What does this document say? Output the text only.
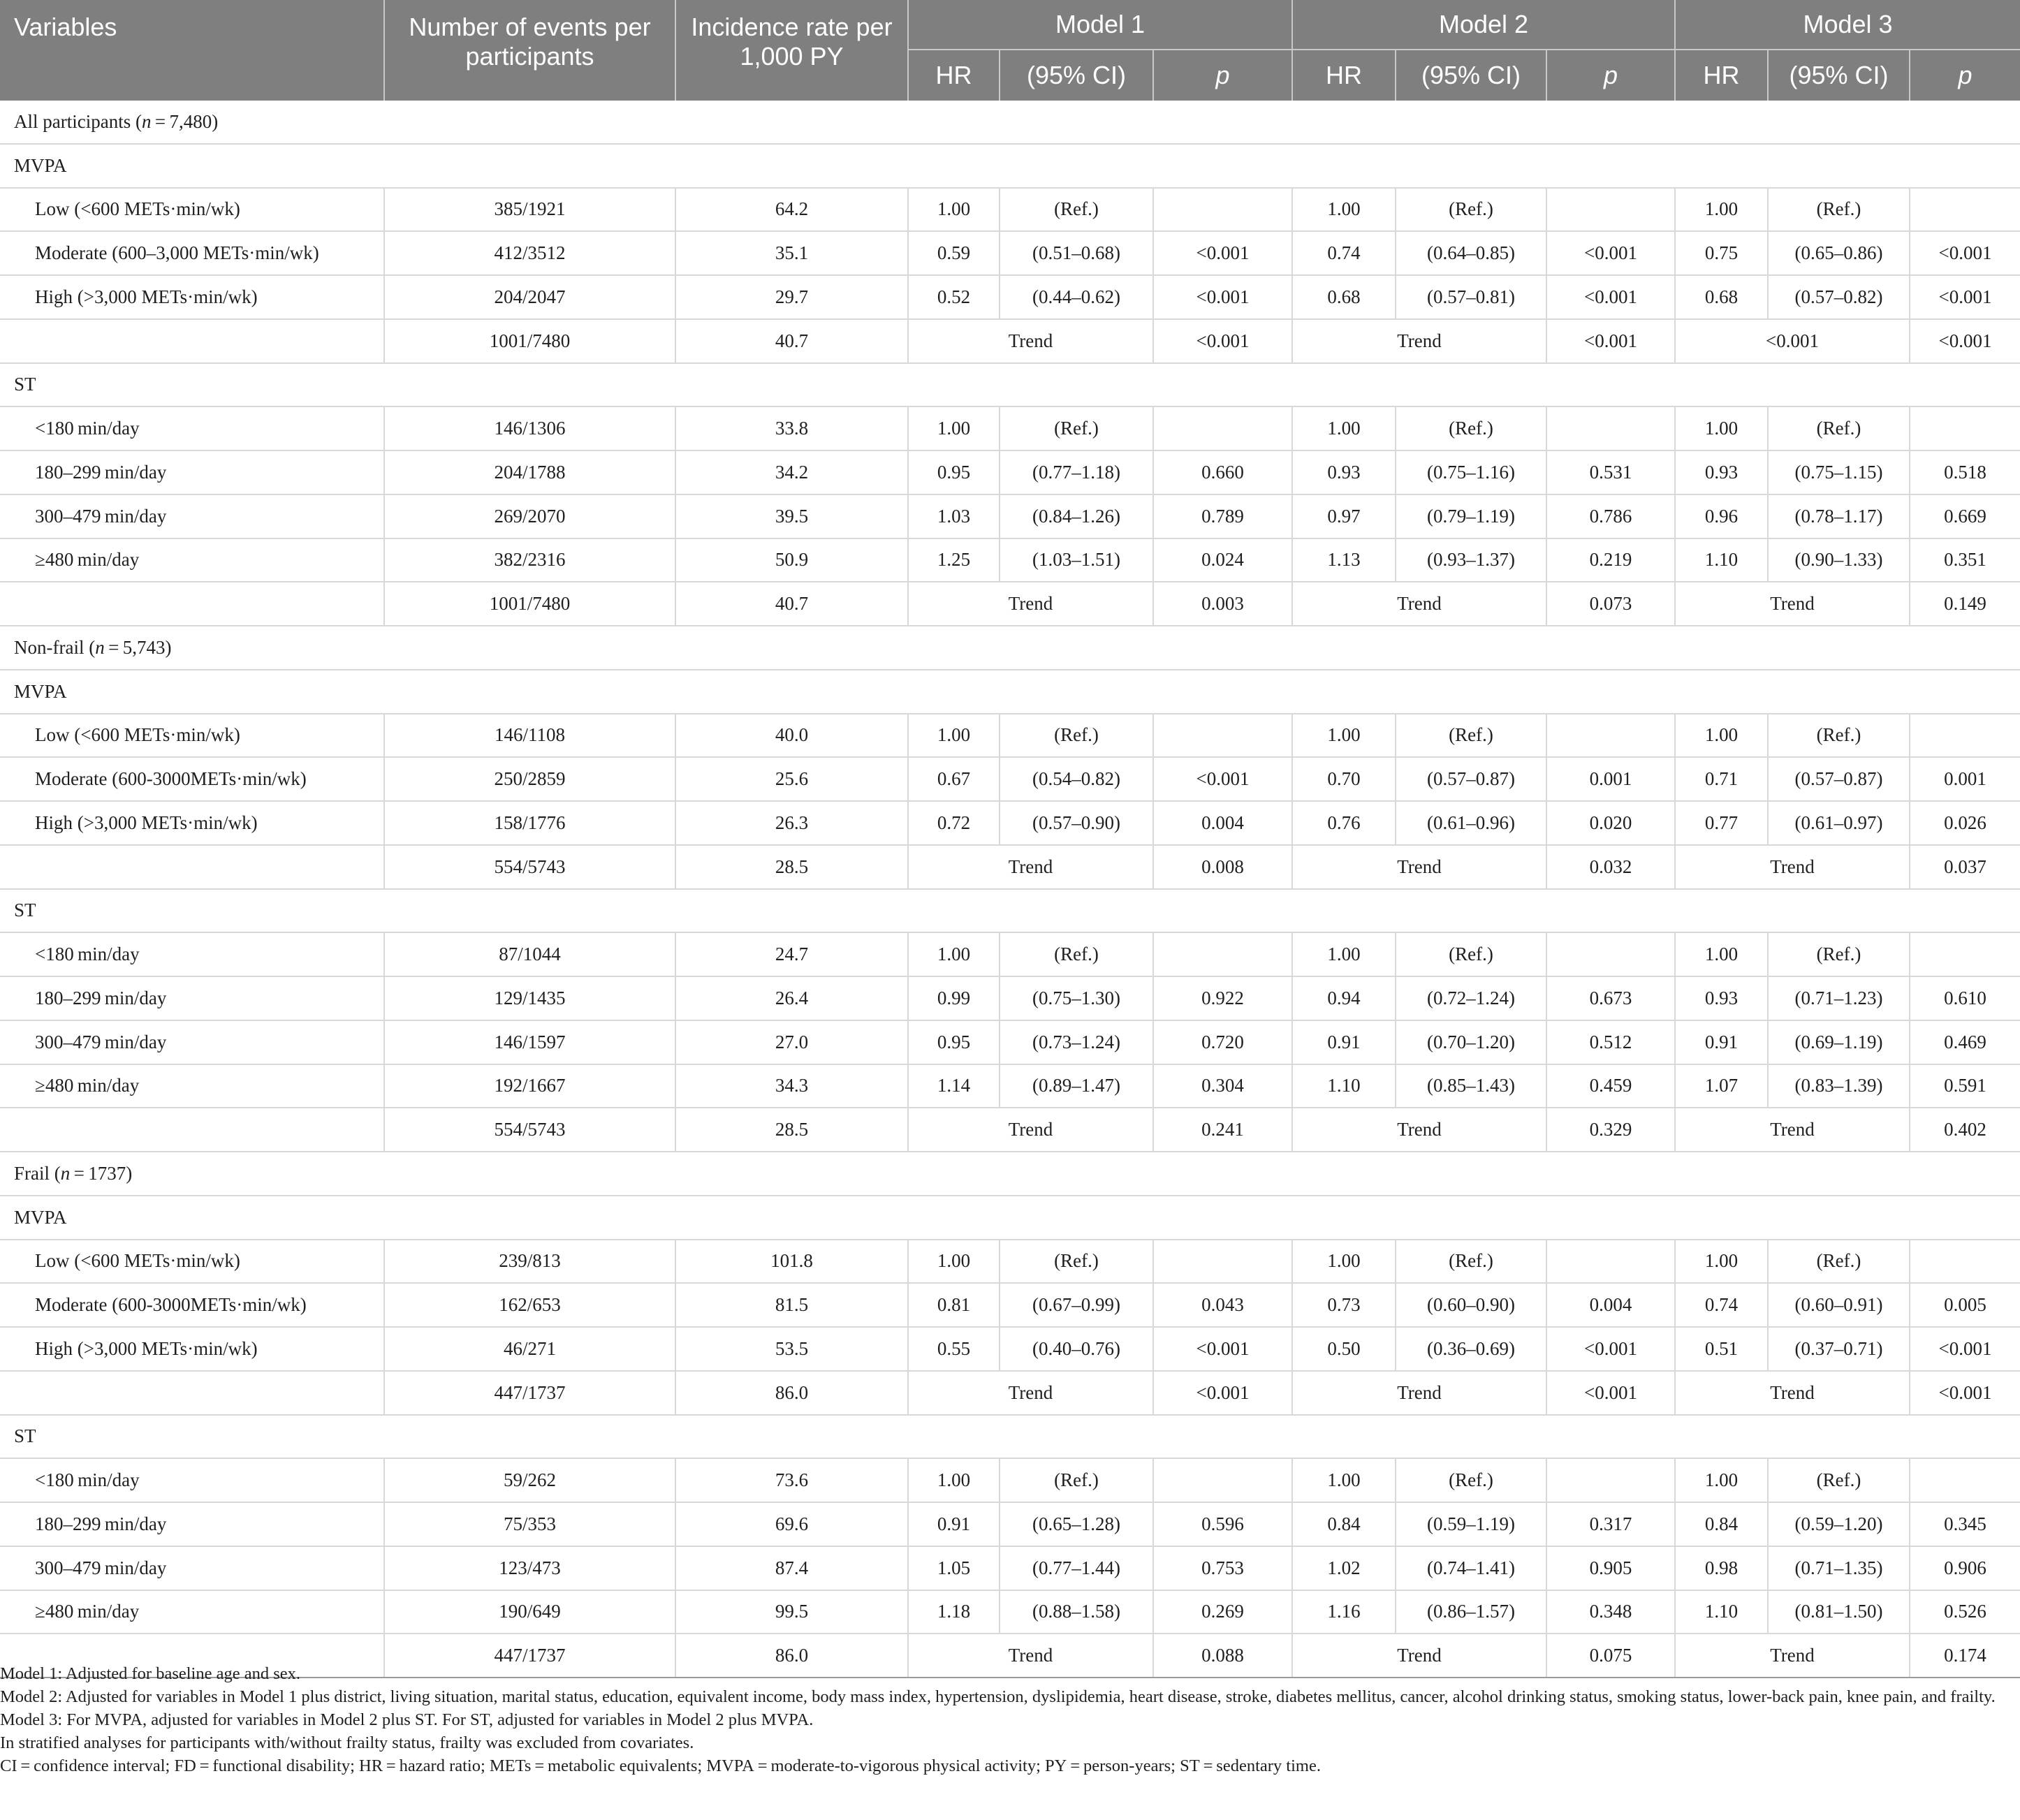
Variables	Number of events per participants	Incidence rate per 1,000 PY	Model 1			Model 2			Model 3		
			HR	(95% CI)	p	HR	(95% CI)	p	HR	(95% CI)	p
All participants (n = 7,480)											
MVPA											
Low (<600 METs·min/wk)	385/1921	64.2	1.00	(Ref.)		1.00	(Ref.)		1.00	(Ref.)	
Moderate (600–3,000 METs·min/wk)	412/3512	35.1	0.59	(0.51–0.68)	<0.001	0.74	(0.64–0.85)	<0.001	0.75	(0.65–0.86)	<0.001
High (>3,000 METs·min/wk)	204/2047	29.7	0.52	(0.44–0.62)	<0.001	0.68	(0.57–0.81)	<0.001	0.68	(0.57–0.82)	<0.001
	1001/7480	40.7	Trend		<0.001	Trend		<0.001	<0.001		<0.001
ST											
<180 min/day	146/1306	33.8	1.00	(Ref.)		1.00	(Ref.)		1.00	(Ref.)	
180–299 min/day	204/1788	34.2	0.95	(0.77–1.18)	0.660	0.93	(0.75–1.16)	0.531	0.93	(0.75–1.15)	0.518
300–479 min/day	269/2070	39.5	1.03	(0.84–1.26)	0.789	0.97	(0.79–1.19)	0.786	0.96	(0.78–1.17)	0.669
≥480 min/day	382/2316	50.9	1.25	(1.03–1.51)	0.024	1.13	(0.93–1.37)	0.219	1.10	(0.90–1.33)	0.351
	1001/7480	40.7	Trend		0.003	Trend		0.073	Trend		0.149
Non-frail (n = 5,743)											
MVPA											
Low (<600 METs·min/wk)	146/1108	40.0	1.00	(Ref.)		1.00	(Ref.)		1.00	(Ref.)	
Moderate (600-3000METs·min/wk)	250/2859	25.6	0.67	(0.54–0.82)	<0.001	0.70	(0.57–0.87)	0.001	0.71	(0.57–0.87)	0.001
High (>3,000 METs·min/wk)	158/1776	26.3	0.72	(0.57–0.90)	0.004	0.76	(0.61–0.96)	0.020	0.77	(0.61–0.97)	0.026
	554/5743	28.5	Trend		0.008	Trend		0.032	Trend		0.037
ST											
<180 min/day	87/1044	24.7	1.00	(Ref.)		1.00	(Ref.)		1.00	(Ref.)	
180–299 min/day	129/1435	26.4	0.99	(0.75–1.30)	0.922	0.94	(0.72–1.24)	0.673	0.93	(0.71–1.23)	0.610
300–479 min/day	146/1597	27.0	0.95	(0.73–1.24)	0.720	0.91	(0.70–1.20)	0.512	0.91	(0.69–1.19)	0.469
≥480 min/day	192/1667	34.3	1.14	(0.89–1.47)	0.304	1.10	(0.85–1.43)	0.459	1.07	(0.83–1.39)	0.591
	554/5743	28.5	Trend		0.241	Trend		0.329	Trend		0.402
Frail (n = 1737)											
MVPA											
Low (<600 METs·min/wk)	239/813	101.8	1.00	(Ref.)		1.00	(Ref.)		1.00	(Ref.)	
Moderate (600-3000METs·min/wk)	162/653	81.5	0.81	(0.67–0.99)	0.043	0.73	(0.60–0.90)	0.004	0.74	(0.60–0.91)	0.005
High (>3,000 METs·min/wk)	46/271	53.5	0.55	(0.40–0.76)	<0.001	0.50	(0.36–0.69)	<0.001	0.51	(0.37–0.71)	<0.001
	447/1737	86.0	Trend		<0.001	Trend		<0.001	Trend		<0.001
ST											
<180 min/day	59/262	73.6	1.00	(Ref.)		1.00	(Ref.)		1.00	(Ref.)	
180–299 min/day	75/353	69.6	0.91	(0.65–1.28)	0.596	0.84	(0.59–1.19)	0.317	0.84	(0.59–1.20)	0.345
300–479 min/day	123/473	87.4	1.05	(0.77–1.44)	0.753	1.02	(0.74–1.41)	0.905	0.98	(0.71–1.35)	0.906
≥480 min/day	190/649	99.5	1.18	(0.88–1.58)	0.269	1.16	(0.86–1.57)	0.348	1.10	(0.81–1.50)	0.526
	447/1737	86.0	Trend		0.088	Trend		0.075	Trend		0.174
Model 1: Adjusted for baseline age and sex.
Model 2: Adjusted for variables in Model 1 plus district, living situation, marital status, education, equivalent income, body mass index, hypertension, dyslipidemia, heart disease, stroke, diabetes mellitus, cancer, alcohol drinking status, smoking status, lower-back pain, knee pain, and frailty.
Model 3: For MVPA, adjusted for variables in Model 2 plus ST. For ST, adjusted for variables in Model 2 plus MVPA.
In stratified analyses for participants with/without frailty status, frailty was excluded from covariates.
CI = confidence interval; FD = functional disability; HR = hazard ratio; METs = metabolic equivalents; MVPA = moderate-to-vigorous physical activity; PY = person-years; ST = sedentary time.
